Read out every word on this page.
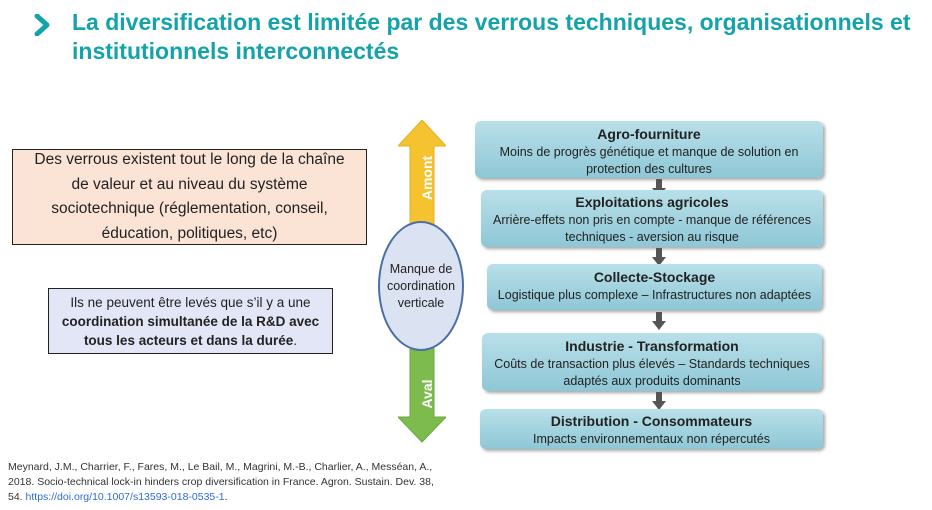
La diversification est limitée par des verrous techniques, organisationnels et institutionnels interconnectés
Des verrous existent tout le long de la chaîne de valeur et au niveau du système sociotechnique (réglementation, conseil, éducation, politiques, etc)

Ils ne peuvent être levés que s’il y a une coordination simultanée de la R&D avec tous les acteurs et dans la durée.

Amont
Aval
Manque de
coordination
verticale
Agro-fourniture
Moins de progrès génétique et manque de solution en protection des cultures
Exploitations agricoles
Arrière-effets non pris en compte - manque de références techniques - aversion au risque
Collecte-Stockage
Logistique plus complexe – Infrastructures non adaptées
Industrie - Transformation
Coûts de transaction plus élevés – Standards techniques adaptés aux produits dominants
Distribution - Consommateurs
Impacts environnementaux non répercutés
Meynard, J.M., Charrier, F., Fares, M., Le Bail, M., Magrini, M.-B., Charlier, A., Messéan, A., 2018. Socio-technical lock-in hinders crop diversification in France. Agron. Sustain. Dev. 38, 54. https://doi.org/10.1007/s13593-018-0535-1.
